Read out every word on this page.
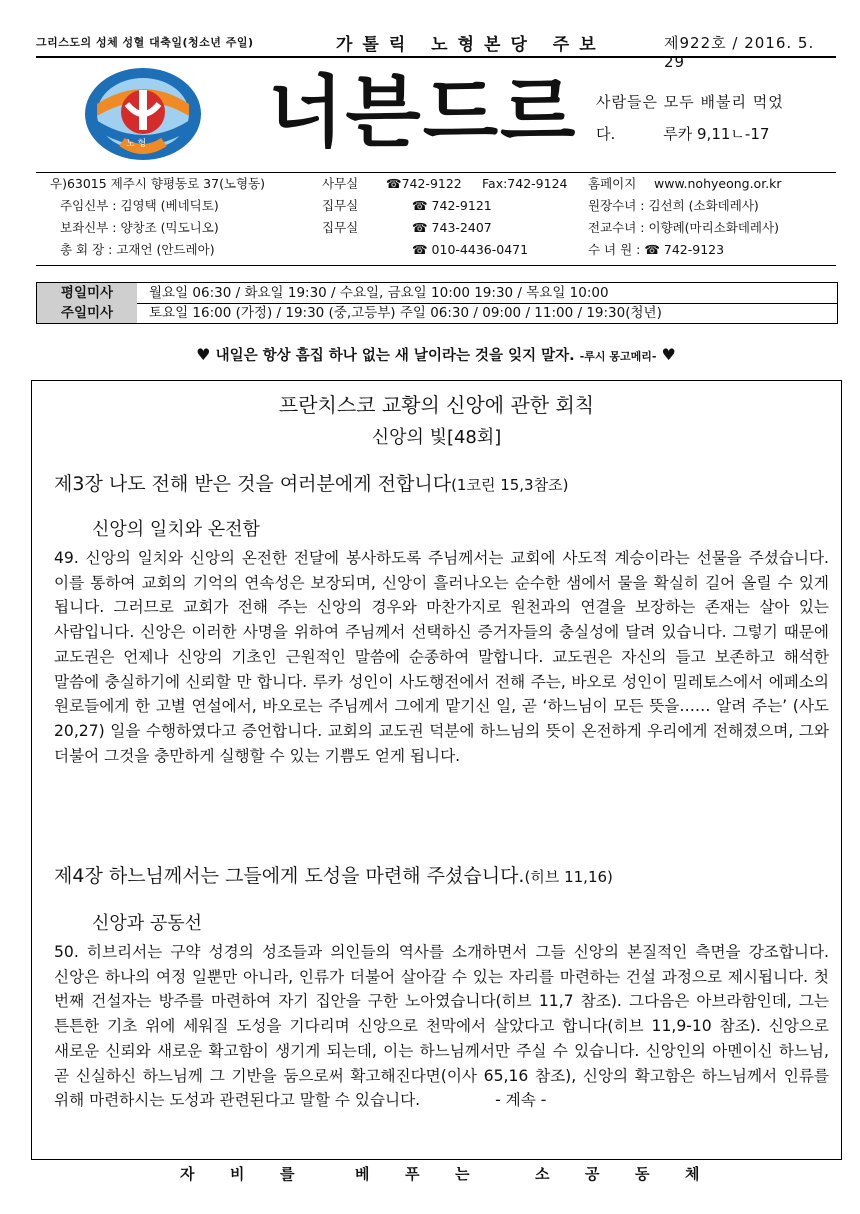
그리스도의 성체 성혈 대축일(청소년 주일)	가톨릭 노형본당 주보	제922호 / 2016. 5. 29
노 형 너븐드르	사람들은 모두 배불리 먹었
다.	루카 9,11ㄴ-17
우)63015 제주시 향평동로 37(노형동)	사무실 ☎742-9122 Fax:742-9124 홈페이지 www.nohyeong.or.kr
주임신부 : 김영택 (베네딕토)	집무실	☎ 742-9121	원장수녀 : 김선희 (소화데레사)
보좌신부 : 양창조 (믹도니오)	집무실	☎ 743-2407	전교수녀 : 이향례(마리소화데레사)
총 회 장 : 고재언 (안드레아)	☎ 010-4436-0471	수 녀 원 : ☎ 742-9123
평일미사	월요일 06:30 / 화요일 19:30 / 수요일, 금요일 10:00 19:30 / 목요일 10:00
주일미사	토요일 16:00 (가정) / 19:30 (중,고등부) 주일 06:30 / 09:00 / 11:00 / 19:30(청년)
♥ 내일은 항상 흠집 하나 없는 새 날이라는 것을 잊지 말자. -루시 몽고메리- ♥
프란치스코 교황의 신앙에 관한 회칙
신앙의 빛[48회]
제3장 나도 전해 받은 것을 여러분에게 전합니다(1코린 15,3참조)
신앙의 일치와 온전함
49. 신앙의 일치와 신앙의 온전한 전달에 봉사하도록 주님께서는 교회에 사도적 계승이라는 선물을 주셨습니다. 이를 통하여 교회의 기억의 연속성은 보장되며, 신앙이 흘러나오는 순수한 샘에서 물을 확실히 길어 올릴 수 있게 됩니다. 그러므로 교회가 전해 주는 신앙의 경우와 마찬가지로 원천과의 연결을 보장하는 존재는 살아 있는 사람입니다. 신앙은 이러한 사명을 위하여 주님께서 선택하신 증거자들의 충실성에 달려 있습니다. 그렇기 때문에 교도권은 언제나 신앙의 기초인 근원적인 말씀에 순종하여 말합니다. 교도권은 자신의 들고 보존하고 해석한 말씀에 충실하기에 신뢰할 만 합니다. 루카 성인이 사도행전에서 전해 주는, 바오로 성인이 밀레토스에서 에페소의 원로들에게 한 고별 연설에서, 바오로는 주님께서 그에게 맡기신 일, 곧 ‘하느님이 모든 뜻을…… 알려 주는’ (사도 20,27) 일을 수행하였다고 증언합니다. 교회의 교도권 덕분에 하느님의 뜻이 온전하게 우리에게 전해졌으며, 그와 더불어 그것을 충만하게 실행할 수 있는 기쁨도 얻게 됩니다.
제4장 하느님께서는 그들에게 도성을 마련해 주셨습니다.(히브 11,16)
신앙과 공동선
50. 히브리서는 구약 성경의 성조들과 의인들의 역사를 소개하면서 그들 신앙의 본질적인 측면을 강조합니다. 신앙은 하나의 여정 일뿐만 아니라, 인류가 더불어 살아갈 수 있는 자리를 마련하는 건설 과정으로 제시됩니다. 첫 번째 건설자는 방주를 마련하여 자기 집안을 구한 노아였습니다(히브 11,7 참조). 그다음은 아브라함인데, 그는 튼튼한 기초 위에 세워질 도성을 기다리며 신앙으로 천막에서 살았다고 합니다(히브 11,9-10 참조). 신앙으로 새로운 신뢰와 새로운 확고함이 생기게 되는데, 이는 하느님께서만 주실 수 있습니다. 신앙인의 아멘이신 하느님, 곧 신실하신 하느님께 그 기반을 둠으로써 확고해진다면(이사 65,16 참조), 신앙의 확고함은 하느님께서 인류를 위해 마련하시는 도성과 관련된다고 말할 수 있습니다.	- 계속 -
자 비 를	베 푸 는	소 공 동 체
